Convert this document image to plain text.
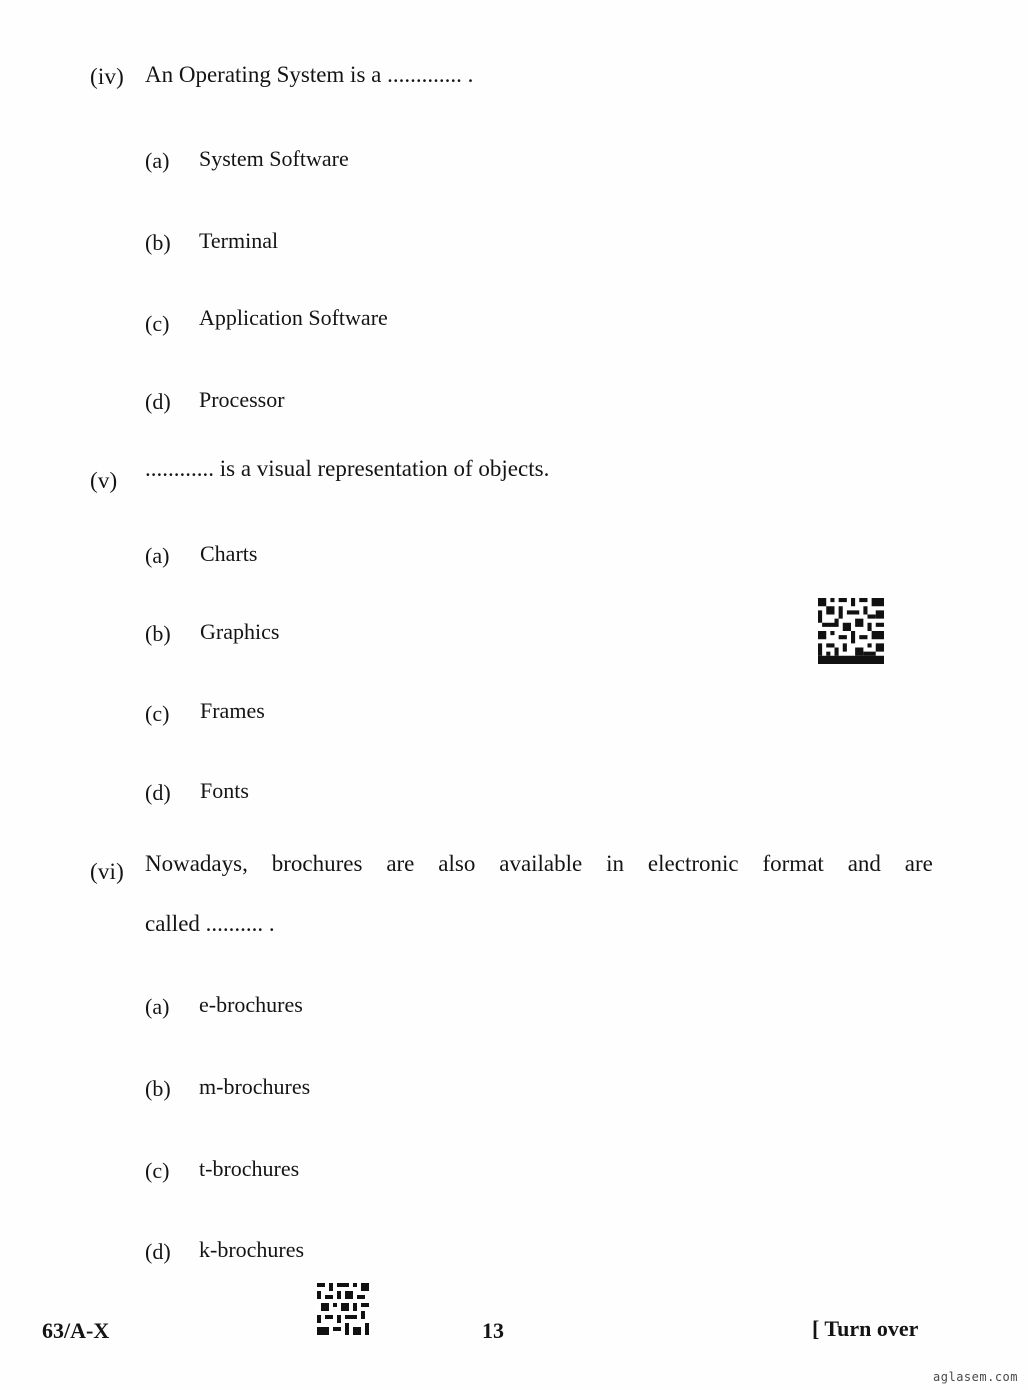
(iv) An Operating System is a ............. .
(a) System Software
(b) Terminal
(c) Application Software
(d) Processor
(v) ............ is a visual representation of objects.
(a) Charts
(b) Graphics
(c) Frames
(d) Fonts
(vi) Nowadays, brochures are also available in electronic format and are
called .......... .
(a) e-brochures
(b) m-brochures
(c) t-brochures
(d) k-brochures
63/A-X	13	[ Turn over
aglasem.com
